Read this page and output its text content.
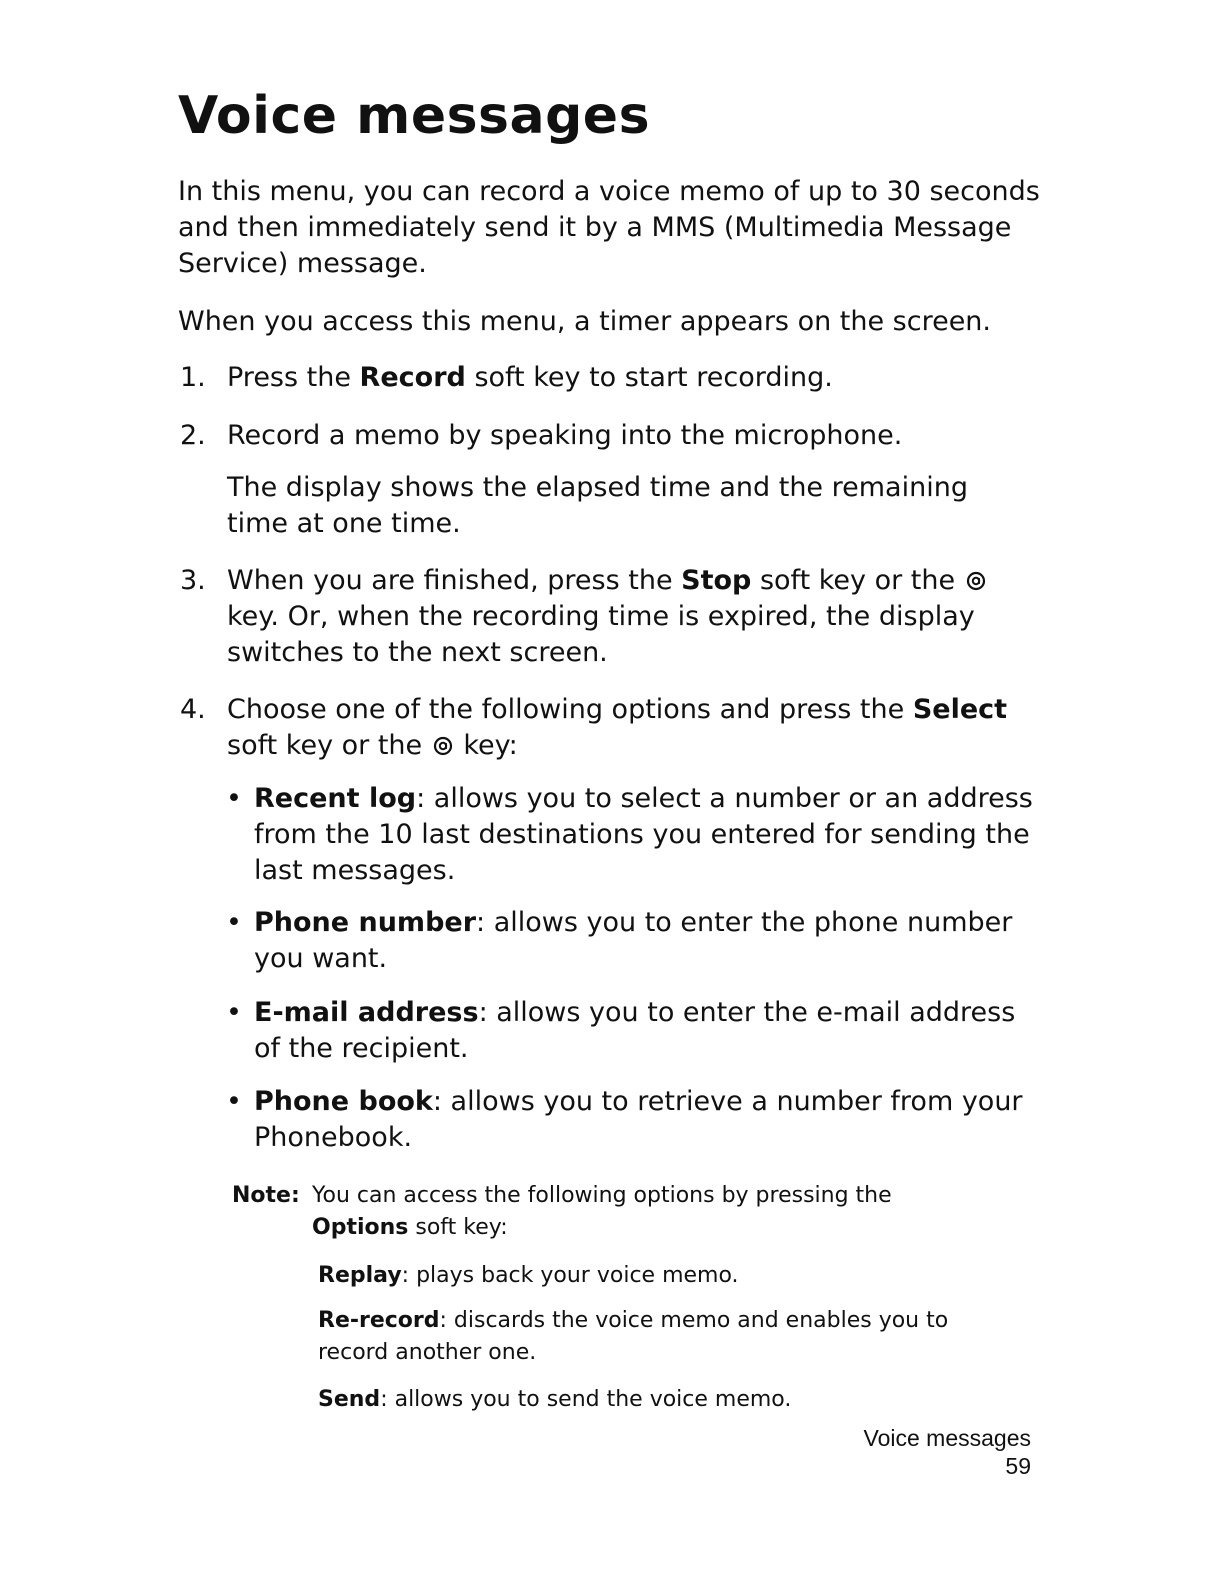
Voice messages

In this menu, you can record a voice memo of up to 30 seconds and then immediately send it by a MMS (Multimedia Message Service) message.

When you access this menu, a timer appears on the screen.

1. Press the Record soft key to start recording.
2. Record a memo by speaking into the microphone.

The display shows the elapsed time and the remaining time at one time.

3. When you are finished, press the Stop soft key or the  key. Or, when the recording time is expired, the display switches to the next screen.
4. Choose one of the following options and press the Select soft key or the  key:
• Recent log: allows you to select a number or an address from the 10 last destinations you entered for sending the last messages.
• Phone number: allows you to enter the phone number you want.
• E-mail address: allows you to enter the e-mail address of the recipient.
• Phone book: allows you to retrieve a number from your Phonebook.
Note: You can access the following options by pressing the Options soft key:

Replay: plays back your voice memo.

Re-record: discards the voice memo and enables you to record another one.

Send: allows you to send the voice memo.

Voice messages
59
